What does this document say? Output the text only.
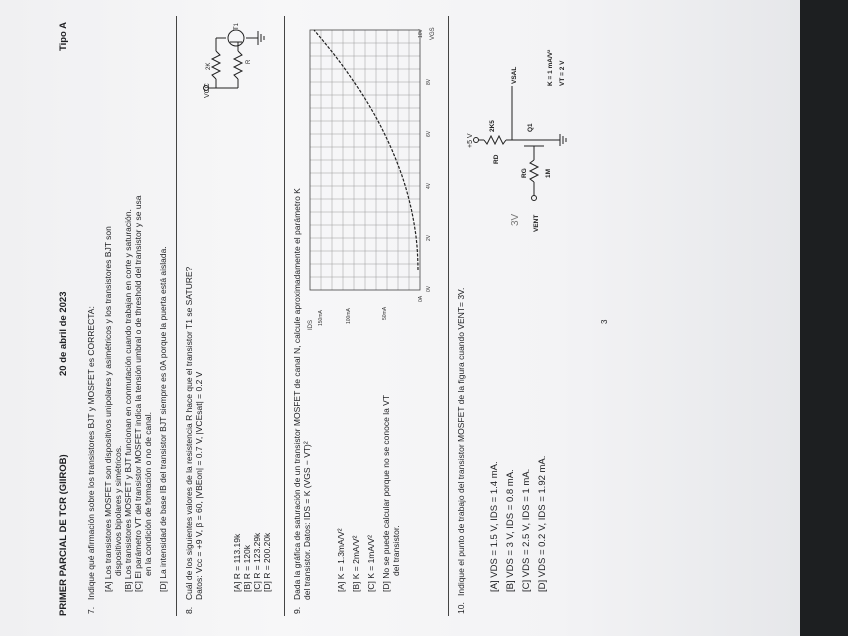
PRIMER PARCIAL DE TCR (GIIROB)
20 de abril de 2023
Tipo A
7.
Indique qué afirmación sobre los transistores BJT y MOSFET es CORRECTA: [A] Los transistores MOSFET son dispositivos unipolares y asimétricos y los transistores BJT son dispositivos bipolares y simétricos. [B] Los transistores MOSFET y BJT funcionan en conmutación cuando trabajan en corte y saturación. [C] El parámetro VT del transistor MOSFET indica la tensión umbral o de threshold del transistor y se usa en la condición de formación o no de canal. [D] La intensidad de base IB del transistor BJT siempre es 0A porque la puerta está aislada.
8.
Cuál de los siguientes valores de la resistencia R hace que el transistor T1 se SATURE? Datos: Vcc = +9 V, β = 60, |VBEon| = 0.7 V, |VCEsat| = 0.2 V	[A] R = 113.19k [B] R = 120k [C] R = 123.29k [D] R = 200.20k
VCC
2K
R
T1
9.
Dada la gráfica de saturación de un transistor MOSFET de canal N, calcule aproximadamente el parámetro K del transistor. Datos: IDS = K (VGS − VT)²	[A] K = 1.3mA/V² [B] K = 2mA/V² [C] K = 1mA/V² [D] No se puede calcular porque no se conoce la VT del transistor.
IDS
VGS
150mA	100mA	50mA
0A
0V
2V
4V
6V
8V
10V
10.
Indique el punto de trabajo del transistor MOSFET de la figura cuando VENT= 3V. [A] VDS = 1.5 V, IDS = 1.4 mA. [B] VDS = 3 V, IDS = 0.8 mA. [C] VDS = 2.5 V, IDS = 1 mA. [D] VDS = 0.2 V, IDS = 1.92 mA.
+5 V
RD
2K5
VSAL
Q1
RG	1M
VENT
K = 1 mA/V² VT = 2 V
3V
3
